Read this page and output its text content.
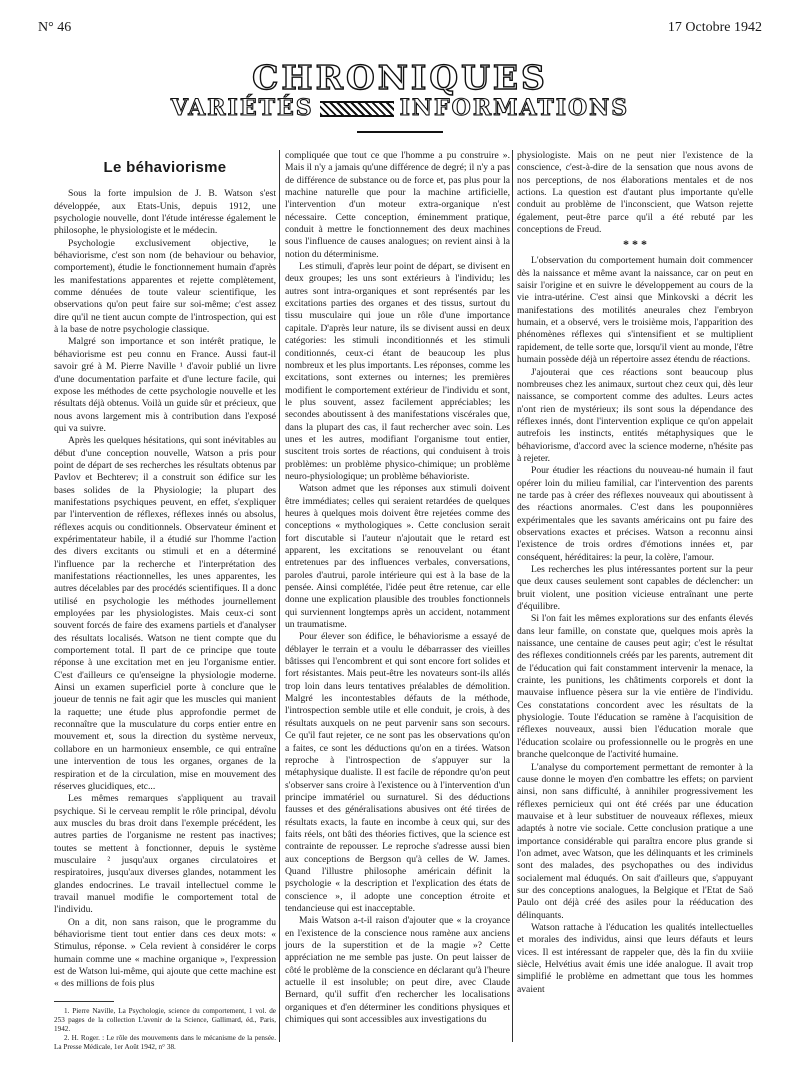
N° 46	17 Octobre 1942
CHRONIQUES
VARIÉTÉS	INFORMATIONS
Le béhaviorisme

Sous la forte impulsion de J. B. Watson s'est développée, aux Etats-Unis, depuis 1912, une psychologie nouvelle, dont l'étude intéresse également le philosophe, le physiologiste et le médecin.

Psychologie exclusivement objective, le béhaviorisme, c'est son nom (de behaviour ou behavior, comportement), étudie le fonctionnement humain d'après les manifestations apparentes et rejette complètement, comme dénuées de toute valeur scientifique, les observations qu'on peut faire sur soi-même; c'est assez dire qu'il ne tient aucun compte de l'introspection, qui est à la base de notre psychologie classique.

Malgré son importance et son intérêt pratique, le béhaviorisme est peu connu en France. Aussi faut-il savoir gré à M. Pierre Naville ¹ d'avoir publié un livre d'une documentation parfaite et d'une lecture facile, qui expose les méthodes de cette psychologie nouvelle et les résultats déjà obtenus. Voilà un guide sûr et précieux, que nous avons largement mis à contribution dans l'exposé qui va suivre.

Après les quelques hésitations, qui sont inévitables au début d'une conception nouvelle, Watson a pris pour point de départ de ses recherches les résultats obtenus par Pavlov et Bechterev; il a construit son édifice sur les bases solides de la Physiologie; la plupart des manifestations psychiques peuvent, en effet, s'expliquer par l'intervention de réflexes, réflexes innés ou absolus, réflexes acquis ou conditionnels. Observateur éminent et expérimentateur habile, il a étudié sur l'homme l'action des divers excitants ou stimuli et en a déterminé l'influence par la recherche et l'interprétation des manifestations réactionnelles, les unes apparentes, les autres décelables par des procédés scientifiques. Il a donc utilisé en psychologie les méthodes journellement employées par les physiologistes. Mais ceux-ci sont souvent forcés de faire des examens partiels et d'analyser des résultats localisés. Watson ne tient compte que du comportement total. Il part de ce principe que toute réponse à une excitation met en jeu l'organisme entier. C'est d'ailleurs ce qu'enseigne la physiologie moderne. Ainsi un examen superficiel porte à conclure que le joueur de tennis ne fait agir que les muscles qui manient la raquette; une étude plus approfondie permet de reconnaître que la musculature du corps entier entre en mouvement et, sous la direction du système nerveux, collabore en un harmonieux ensemble, ce qui entraîne une intervention de tous les organes, organes de la respiration et de la circulation, mise en mouvement des réserves glucidiques, etc...

Les mêmes remarques s'appliquent au travail psychique. Si le cerveau remplit le rôle principal, dévolu aux muscles du bras droit dans l'exemple précédent, les autres parties de l'organisme ne restent pas inactives; toutes se mettent à fonctionner, depuis le système musculaire ² jusqu'aux organes circulatoires et respiratoires, jusqu'aux diverses glandes, notamment les glandes endocrines. Le travail intellectuel comme le travail manuel modifie le comportement total de l'individu.

On a dit, non sans raison, que le programme du béhaviorisme tient tout entier dans ces deux mots: « Stimulus, réponse. » Cela revient à considérer le corps humain comme une « machine organique », l'expression est de Watson lui-même, qui ajoute que cette machine est « des millions de fois plus

1. Pierre Naville, La Psychologie, science du comportement, 1 vol. de 253 pages de la collection L'avenir de la Science, Gallimard, éd., Paris, 1942.

2. H. Roger. : Le rôle des mouvements dans le mécanisme de la pensée. La Presse Médicale, 1er Août 1942, n° 38.

compliquée que tout ce que l'homme a pu construire ». Mais il n'y a jamais qu'une différence de degré; il n'y a pas de différence de substance ou de force et, pas plus pour la machine naturelle que pour la machine artificielle, l'intervention d'un moteur extra-organique n'est nécessaire. Cette conception, éminemment pratique, conduit à mettre le fonctionnement des deux machines sous l'influence de causes analogues; on revient ainsi à la notion du déterminisme.

Les stimuli, d'après leur point de départ, se divisent en deux groupes; les uns sont extérieurs à l'individu; les autres sont intra-organiques et sont représentés par les excitations parties des organes et des tissus, surtout du tissu musculaire qui joue un rôle d'une importance capitale. D'après leur nature, ils se divisent aussi en deux catégories: les stimuli inconditionnés et les stimuli conditionnés, ceux-ci étant de beaucoup les plus nombreux et les plus importants. Les réponses, comme les excitations, sont externes ou internes; les premières modifient le comportement extérieur de l'individu et sont, le plus souvent, assez facilement appréciables; les secondes aboutissent à des manifestations viscérales que, dans la plupart des cas, il faut rechercher avec soin. Les unes et les autres, modifiant l'organisme tout entier, suscitent trois sortes de réactions, qui conduisent à trois problèmes: un problème physico-chimique; un problème neuro-physiologique; un problème béhavioriste.

Watson admet que les réponses aux stimuli doivent être immédiates; celles qui seraient retardées de quelques heures à quelques mois doivent être rejetées comme des conceptions « mythologiques ». Cette conclusion serait fort discutable si l'auteur n'ajoutait que le retard est apparent, les excitations se renouvelant ou étant entretenues par des influences verbales, conversations, paroles d'autrui, parole intérieure qui est à la base de la pensée. Ainsi complétée, l'idée peut être retenue, car elle donne une explication plausible des troubles fonctionnels qui surviennent longtemps après un accident, notamment un traumatisme.

Pour élever son édifice, le béhaviorisme a essayé de déblayer le terrain et a voulu le débarrasser des vieilles bâtisses qui l'encombrent et qui sont encore fort solides et fort résistantes. Mais peut-être les novateurs sont-ils allés trop loin dans leurs tentatives préalables de démolition. Malgré les incontestables défauts de la méthode, l'introspection semble utile et elle conduit, je crois, à des résultats auxquels on ne peut parvenir sans son secours. Ce qu'il faut rejeter, ce ne sont pas les observations qu'on a faites, ce sont les déductions qu'on en a tirées. Watson reproche à l'introspection de s'appuyer sur la métaphysique dualiste. Il est facile de répondre qu'on peut s'observer sans croire à l'existence ou à l'intervention d'un principe immatériel ou surnaturel. Si des déductions fausses et des généralisations abusives ont été tirées de résultats exacts, la faute en incombe à ceux qui, sur des faits réels, ont bâti des théories fictives, que la science est contrainte de repousser. Le reproche s'adresse aussi bien aux conceptions de Bergson qu'à celles de W. James. Quand l'illustre philosophe américain définit la psychologie « la description et l'explication des états de conscience », il adopte une conception étroite et tendancieuse qui est inacceptable.

Mais Watson a-t-il raison d'ajouter que « la croyance en l'existence de la conscience nous ramène aux anciens jours de la superstition et de la magie »? Cette appréciation ne me semble pas juste. On peut laisser de côté le problème de la conscience en déclarant qu'à l'heure actuelle il est insoluble; on peut dire, avec Claude Bernard, qu'il suffit d'en rechercher les localisations organiques et d'en déterminer les conditions physiques et chimiques qui sont accessibles aux investigations du

physiologiste. Mais on ne peut nier l'existence de la conscience, c'est-à-dire de la sensation que nous avons de nos perceptions, de nos élaborations mentales et de nos actions. La question est d'autant plus importante qu'elle conduit au problème de l'inconscient, que Watson rejette également, peut-être parce qu'il a été rebuté par les conceptions de Freud.

* * *

L'observation du comportement humain doit commencer dès la naissance et même avant la naissance, car on peut en saisir l'origine et en suivre le développement au cours de la vie intra-utérine. C'est ainsi que Minkovski a décrit les manifestations des motilités aneurales chez l'embryon humain, et a observé, vers le troisième mois, l'apparition des phénomènes réflexes qui s'intensifient et se multiplient rapidement, de telle sorte que, lorsqu'il vient au monde, l'être humain possède déjà un répertoire assez étendu de réactions.

J'ajouterai que ces réactions sont beaucoup plus nombreuses chez les animaux, surtout chez ceux qui, dès leur naissance, se comportent comme des adultes. Leurs actes n'ont rien de mystérieux; ils sont sous la dépendance des réflexes innés, dont l'intervention explique ce qu'on appelait autrefois les instincts, entités métaphysiques que le béhaviorisme, d'accord avec la science moderne, n'hésite pas à rejeter.

Pour étudier les réactions du nouveau-né humain il faut opérer loin du milieu familial, car l'intervention des parents ne tarde pas à créer des réflexes nouveaux qui aboutissent à des réactions anormales. C'est dans les pouponnières expérimentales que les savants américains ont pu faire des observations exactes et précises. Watson a reconnu ainsi l'existence de trois ordres d'émotions innées et, par conséquent, héréditaires: la peur, la colère, l'amour.

Les recherches les plus intéressantes portent sur la peur que deux causes seulement sont capables de déclencher: un bruit violent, une position vicieuse entraînant une perte d'équilibre.

Si l'on fait les mêmes explorations sur des enfants élevés dans leur famille, on constate que, quelques mois après la naissance, une centaine de causes peut agir; c'est le résultat des réflexes conditionnels créés par les parents, autrement dit de l'éducation qui fait constamment intervenir la menace, la crainte, les punitions, les châtiments corporels et dont la mauvaise influence pèsera sur la vie entière de l'individu. Ces constatations concordent avec les résultats de la physiologie. Toute l'éducation se ramène à l'acquisition de réflexes nouveaux, aussi bien l'éducation morale que l'éducation scolaire ou professionnelle ou le progrès en une branche quelconque de l'activité humaine.

L'analyse du comportement permettant de remonter à la cause donne le moyen d'en combattre les effets; on parvient ainsi, non sans difficulté, à annihiler progressivement les réflexes pernicieux qui ont été créés par une éducation mauvaise et à leur substituer de nouveaux réflexes, mieux adaptés à notre vie sociale. Cette conclusion pratique a une importance considérable qui paraîtra encore plus grande si l'on admet, avec Watson, que les délinquants et les criminels sont des malades, des psychopathes ou des individus socialement mal éduqués. On sait d'ailleurs que, s'appuyant sur des conceptions analogues, la Belgique et l'Etat de Saö Paulo ont déjà créé des asiles pour la rééducation des délinquants.

Watson rattache à l'éducation les qualités intellectuelles et morales des individus, ainsi que leurs défauts et leurs vices. Il est intéressant de rappeler que, dès la fin du xviiie siècle, Helvétius avait émis une idée analogue. Il avait trop simplifié le problème en admettant que tous les hommes avaient
